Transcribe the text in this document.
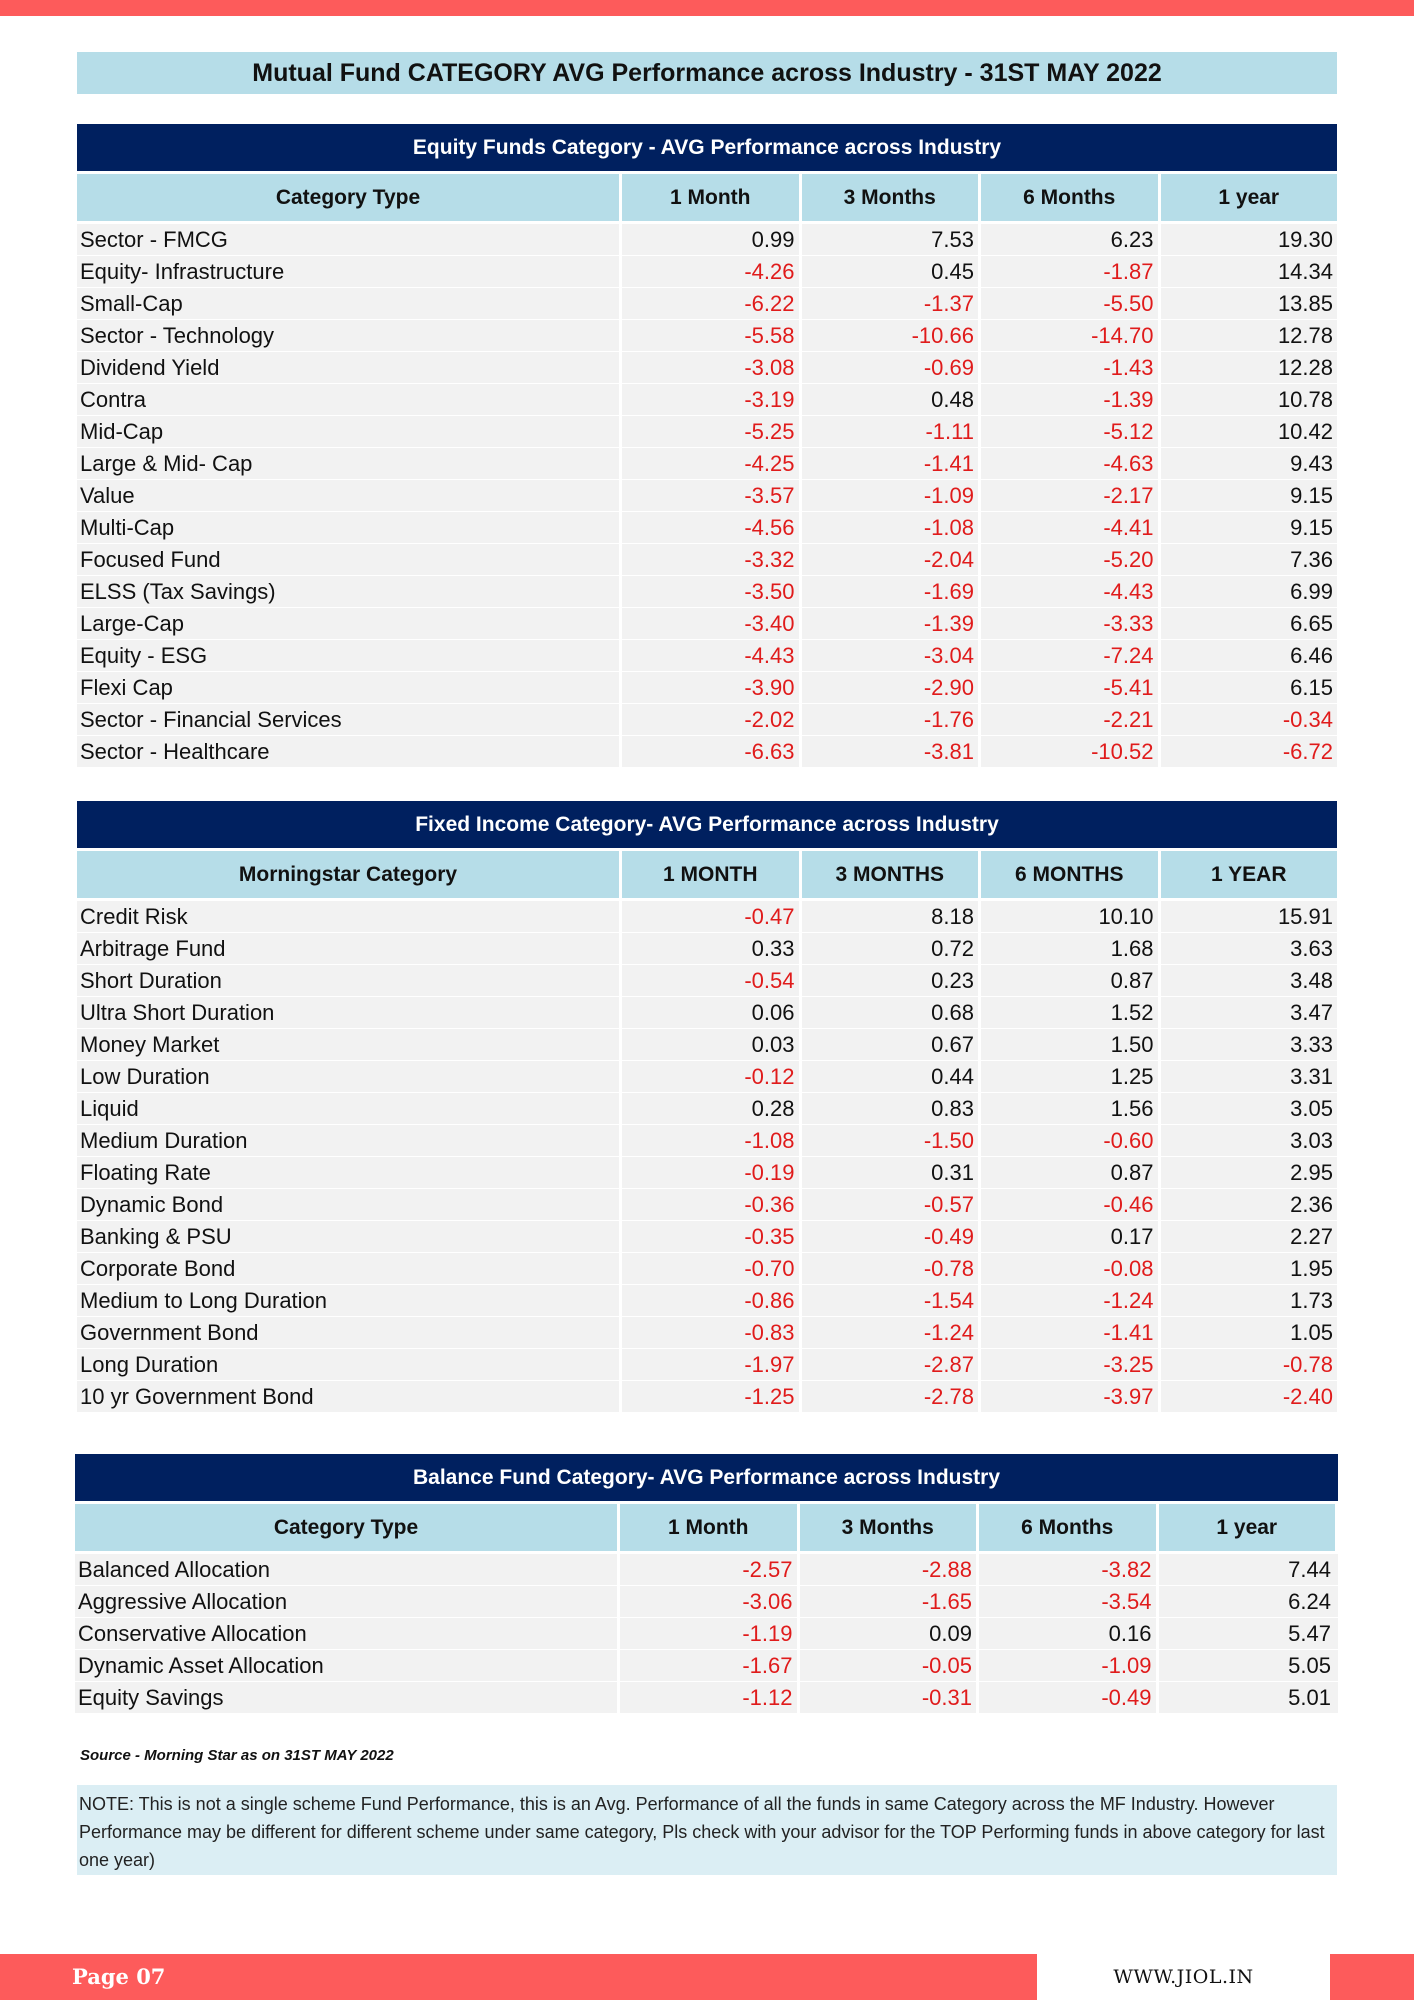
Mutual Fund CATEGORY AVG Performance across Industry - 31ST MAY 2022
Equity Funds Category - AVG Performance across Industry
Category Type	1 Month	3 Months	6 Months	1 year
Sector - FMCG	0.99	7.53	6.23	19.30
Equity- Infrastructure	-4.26	0.45	-1.87	14.34
Small-Cap	-6.22	-1.37	-5.50	13.85
Sector - Technology	-5.58	-10.66	-14.70	12.78
Dividend Yield	-3.08	-0.69	-1.43	12.28
Contra	-3.19	0.48	-1.39	10.78
Mid-Cap	-5.25	-1.11	-5.12	10.42
Large & Mid- Cap	-4.25	-1.41	-4.63	9.43
Value	-3.57	-1.09	-2.17	9.15
Multi-Cap	-4.56	-1.08	-4.41	9.15
Focused Fund	-3.32	-2.04	-5.20	7.36
ELSS (Tax Savings)	-3.50	-1.69	-4.43	6.99
Large-Cap	-3.40	-1.39	-3.33	6.65
Equity - ESG	-4.43	-3.04	-7.24	6.46
Flexi Cap	-3.90	-2.90	-5.41	6.15
Sector - Financial Services	-2.02	-1.76	-2.21	-0.34
Sector - Healthcare	-6.63	-3.81	-10.52	-6.72
Fixed Income Category- AVG Performance across Industry
Morningstar Category	1 MONTH	3 MONTHS	6 MONTHS	1 YEAR
Credit Risk	-0.47	8.18	10.10	15.91
Arbitrage Fund	0.33	0.72	1.68	3.63
Short Duration	-0.54	0.23	0.87	3.48
Ultra Short Duration	0.06	0.68	1.52	3.47
Money Market	0.03	0.67	1.50	3.33
Low Duration	-0.12	0.44	1.25	3.31
Liquid	0.28	0.83	1.56	3.05
Medium Duration	-1.08	-1.50	-0.60	3.03
Floating Rate	-0.19	0.31	0.87	2.95
Dynamic Bond	-0.36	-0.57	-0.46	2.36
Banking & PSU	-0.35	-0.49	0.17	2.27
Corporate Bond	-0.70	-0.78	-0.08	1.95
Medium to Long Duration	-0.86	-1.54	-1.24	1.73
Government Bond	-0.83	-1.24	-1.41	1.05
Long Duration	-1.97	-2.87	-3.25	-0.78
10 yr Government Bond	-1.25	-2.78	-3.97	-2.40
Balance Fund Category- AVG Performance across Industry
Category Type	1 Month	3 Months	6 Months	1 year
Balanced Allocation	-2.57	-2.88	-3.82	7.44
Aggressive Allocation	-3.06	-1.65	-3.54	6.24
Conservative Allocation	-1.19	0.09	0.16	5.47
Dynamic Asset Allocation	-1.67	-0.05	-1.09	5.05
Equity Savings	-1.12	-0.31	-0.49	5.01
Source - Morning Star as on 31ST MAY 2022
NOTE: This is not a single scheme Fund Performance, this is an Avg. Performance of all the funds in same Category across the MF Industry. However Performance may be different for different scheme under same category, Pls check with your advisor for the TOP Performing funds in above category for last one year)
Page 07	WWW.JIOL.IN
